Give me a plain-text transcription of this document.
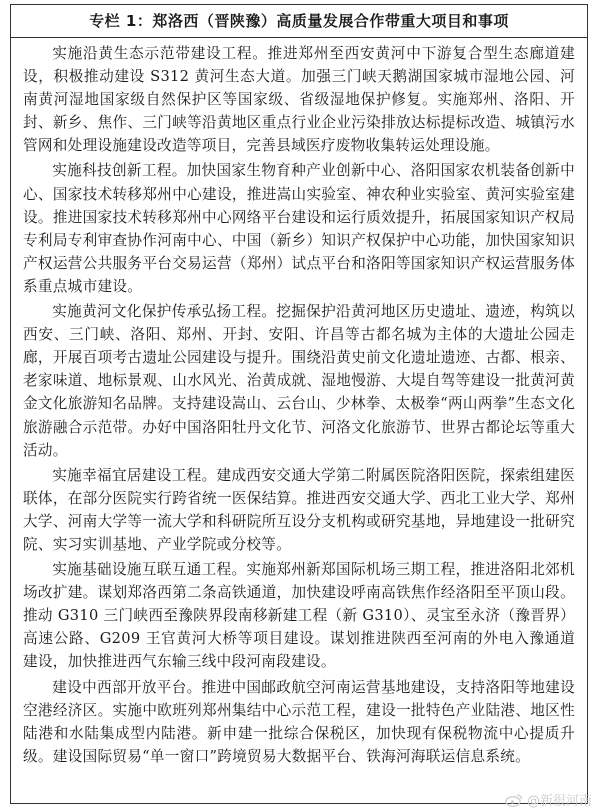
专栏 1：郑洛西（晋陕豫）高质量发展合作带重大项目和事项

实施沿黄生态示范带建设工程。推进郑州至西安黄河中下游复合型生态廊道建设，积极推动建设 S312 黄河生态大道。加强三门峡天鹅湖国家城市湿地公园、河南黄河湿地国家级自然保护区等国家级、省级湿地保护修复。实施郑州、洛阳、开封、新乡、焦作、三门峡等沿黄地区重点行业企业污染排放达标提标改造、城镇污水管网和处理设施建设改造等项目，完善县域医疗废物收集转运处理设施。

实施科技创新工程。加快国家生物育种产业创新中心、洛阳国家农机装备创新中心、国家技术转移郑州中心建设，推进嵩山实验室、神农种业实验室、黄河实验室建设。推进国家技术转移郑州中心网络平台建设和运行质效提升，拓展国家知识产权局专利局专利审查协作河南中心、中国（新乡）知识产权保护中心功能，加快国家知识产权运营公共服务平台交易运营（郑州）试点平台和洛阳等国家知识产权运营服务体系重点城市建设。

实施黄河文化保护传承弘扬工程。挖掘保护沿黄河地区历史遗址、遗迹，构筑以西安、三门峡、洛阳、郑州、开封、安阳、许昌等古都名城为主体的大遗址公园走廊，开展百项考古遗址公园建设与提升。围绕沿黄史前文化遗址遗迹、古都、根亲、老家味道、地标景观、山水风光、治黄成就、湿地慢游、大堤自驾等建设一批黄河黄金文化旅游知名品牌。支持建设嵩山、云台山、少林拳、太极拳“两山两拳”生态文化旅游融合示范带。办好中国洛阳牡丹文化节、河洛文化旅游节、世界古都论坛等重大活动。

实施幸福宜居建设工程。建成西安交通大学第二附属医院洛阳医院，探索组建医联体，在部分医院实行跨省统一医保结算。推进西安交通大学、西北工业大学、郑州大学、河南大学等一流大学和科研院所互设分支机构或研究基地，异地建设一批研究院、实习实训基地、产业学院或分校等。

实施基础设施互联互通工程。实施郑州新郑国际机场三期工程，推进洛阳北郊机场改扩建。谋划郑洛西第二条高铁通道，加快建设呼南高铁焦作经洛阳至平顶山段。推动 G310 三门峡西至豫陕界段南移新建工程（新 G310）、灵宝至永济（豫晋界）高速公路、G209 王官黄河大桥等项目建设。谋划推进陕西至河南的外电入豫通道建设，加快推进西气东输三线中段河南段建设。

建设中西部开放平台。推进中国邮政航空河南运营基地建设，支持洛阳等地建设空港经济区。实施中欧班列郑州集结中心示范工程，建设一批特色产业陆港、地区性陆港和水陆集成型内陆港。新申建一批综合保税区，加快现有保税物流中心提质升级。建设国际贸易“单一窗口”跨境贸易大数据平台、铁海河海联运信息系统。

@新很河南
